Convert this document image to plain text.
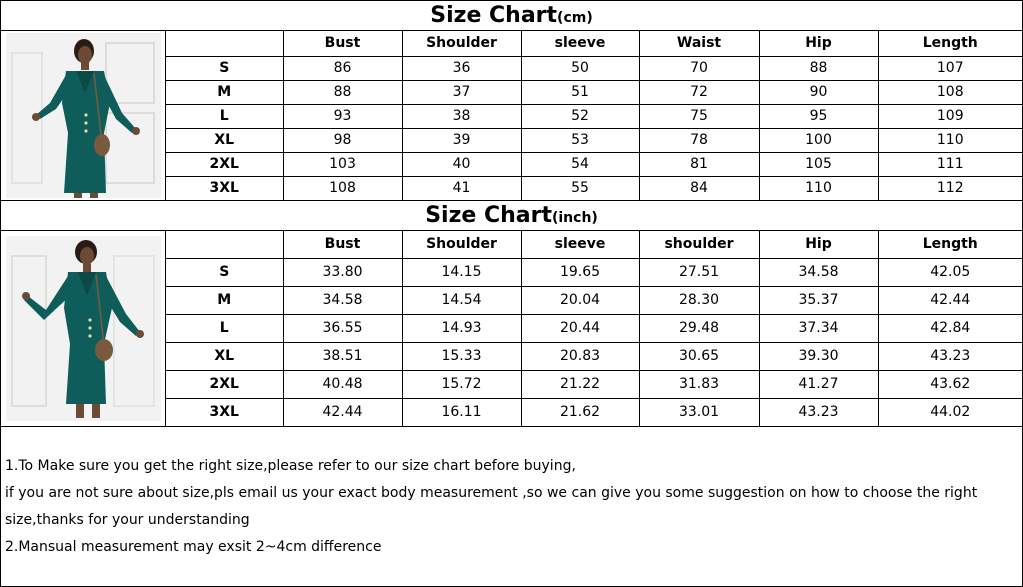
Size Chart(cm)
	Bust	Shoulder	sleeve	Waist	Hip	Length
S	86	36	50	70	88	107
M	88	37	51	72	90	108
L	93	38	52	75	95	109
XL	98	39	53	78	100	110
2XL	103	40	54	81	105	111
3XL	108	41	55	84	110	112
Size Chart(inch)
	Bust	Shoulder	sleeve	shoulder	Hip	Length
S	33.80	14.15	19.65	27.51	34.58	42.05
M	34.58	14.54	20.04	28.30	35.37	42.44
L	36.55	14.93	20.44	29.48	37.34	42.84
XL	38.51	15.33	20.83	30.65	39.30	43.23
2XL	40.48	15.72	21.22	31.83	41.27	43.62
3XL	42.44	16.11	21.62	33.01	43.23	44.02
1.To Make sure you get the right size,please refer to our size chart before buying,
if you are not sure about size,pls email us your exact body measurement ,so we can give you some suggestion on how to choose the right
size,thanks for your understanding
2.Mansual measurement may exsit 2~4cm difference
